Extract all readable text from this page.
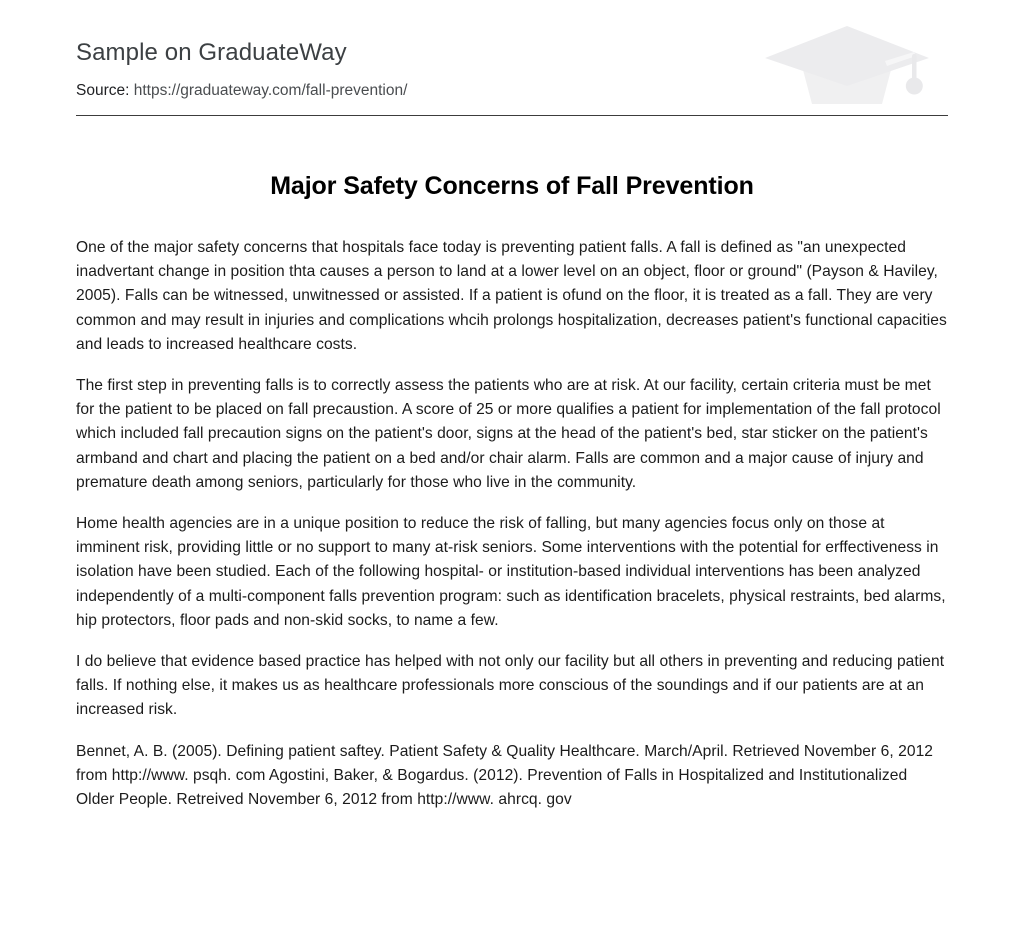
Sample on GraduateWay
Source: https://graduateway.com/fall-prevention/
Major Safety Concerns of Fall Prevention

One of the major safety concerns that hospitals face today is preventing patient falls. A fall is defined as "an unexpected inadvertant change in position thta causes a person to land at a lower level on an object, floor or ground" (Payson & Haviley, 2005). Falls can be witnessed, unwitnessed or assisted. If a patient is ofund on the floor, it is treated as a fall. They are very common and may result in injuries and complications whcih prolongs hospitalization, decreases patient's functional capacities and leads to increased healthcare costs.

The first step in preventing falls is to correctly assess the patients who are at risk. At our facility, certain criteria must be met for the patient to be placed on fall precaustion. A score of 25 or more qualifies a patient for implementation of the fall protocol which included fall precaution signs on the patient's door, signs at the head of the patient's bed, star sticker on the patient's armband and chart and placing the patient on a bed and/or chair alarm. Falls are common and a major cause of injury and premature death among seniors, particularly for those who live in the community.

Home health agencies are in a unique position to reduce the risk of falling, but many agencies focus only on those at imminent risk, providing little or no support to many at-risk seniors. Some interventions with the potential for erffectiveness in isolation have been studied. Each of the following hospital- or institution-based individual interventions has been analyzed independently of a multi-component falls prevention program: such as identification bracelets, physical restraints, bed alarms, hip protectors, floor pads and non-skid socks, to name a few.

I do believe that evidence based practice has helped with not only our facility but all others in preventing and reducing patient falls. If nothing else, it makes us as healthcare professionals more conscious of the soundings and if our patients are at an increased risk.

Bennet, A. B. (2005). Defining patient saftey. Patient Safety & Quality Healthcare. March/April. Retrieved November 6, 2012 from http://www. psqh. com Agostini, Baker, & Bogardus. (2012). Prevention of Falls in Hospitalized and Institutionalized Older People. Retreived November 6, 2012 from http://www. ahrcq. gov
